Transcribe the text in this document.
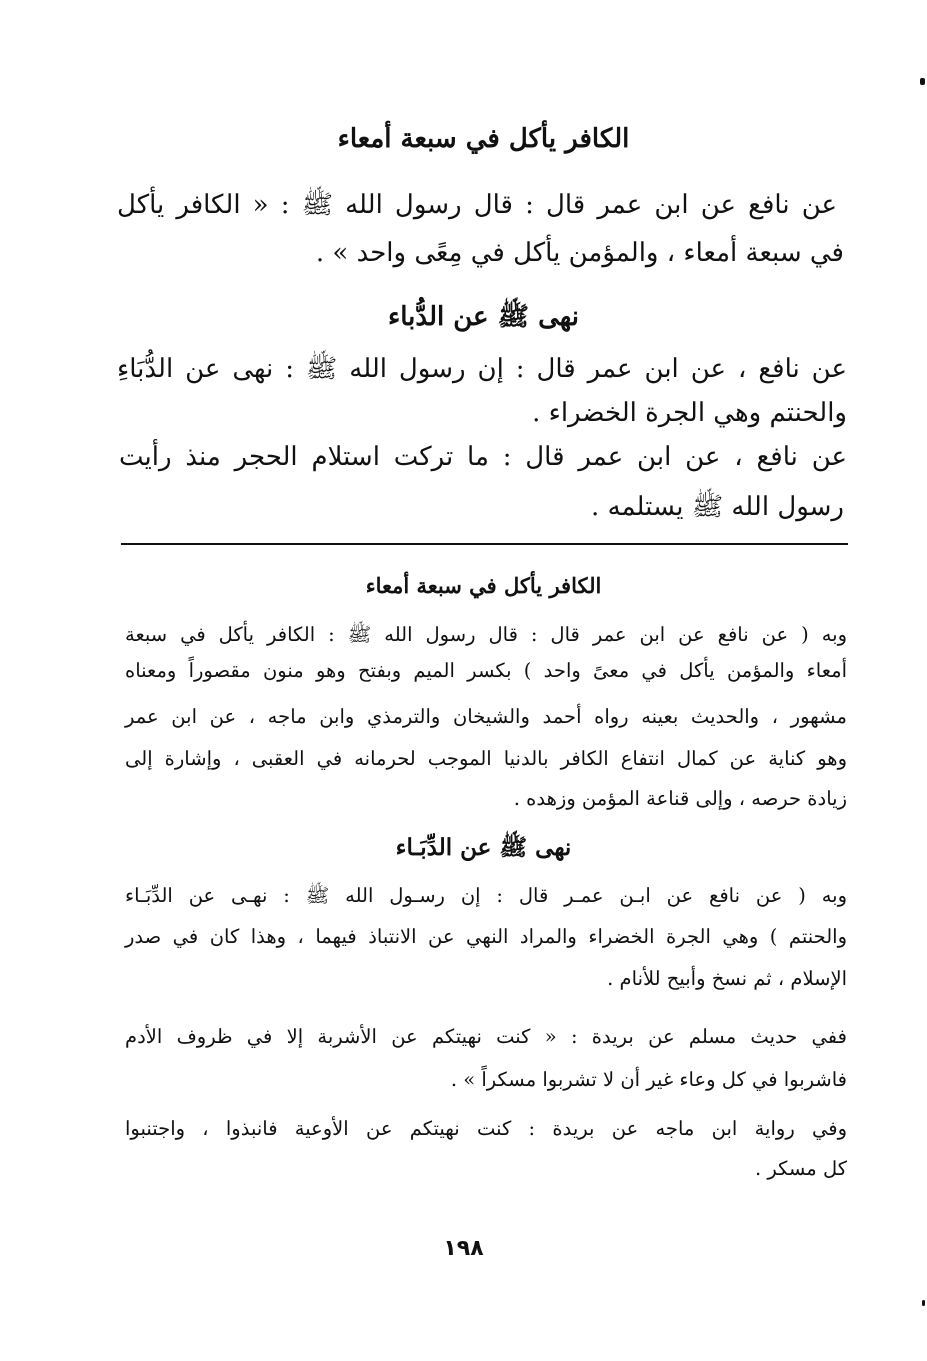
الكافر يأكل في سبعة أمعاء
عن نافع عن ابن عمر قال : قال رسول الله ﷺ : « الكافر يأكل
في سبعة أمعاء ، والمؤمن يأكل في مِعًى واحد » .
نهى ﷺ عن الدُّباء
عن نافع ، عن ابن عمر قال : إن رسول الله ﷺ : نهى عن الدُّبَاءِ
والحنتم وهي الجرة الخضراء .
عن نافع ، عن ابن عمر قال : ما تركت استلام الحجر منذ رأيت
رسول الله ﷺ يستلمه .
الكافر يأكل في سبعة أمعاء
وبه ( عن نافع عن ابن عمر قال : قال رسول الله ﷺ : الكافر يأكل في سبعة
أمعاء والمؤمن يأكل في معىً واحد ) بكسر الميم وبفتح وهو منون مقصوراً ومعناه
مشهور ، والحديث بعينه رواه أحمد والشيخان والترمذي وابن ماجه ، عن ابن عمر
وهو كناية عن كمال انتفاع الكافر بالدنيا الموجب لحرمانه في العقبى ، وإشارة إلى
زيادة حرصه ، وإلى قناعة المؤمن وزهده .
نهى ﷺ عن الدِّبَـاء
وبه ( عن نافع عن ابـن عمـر قال : إن رسـول الله ﷺ : نهـى عن الدِّبَـاء
والحنتم ) وهي الجرة الخضراء والمراد النهي عن الانتباذ فيهما ، وهذا كان في صدر
الإسلام ، ثم نسخ وأبيح للأنام .
ففي حديث مسلم عن بريدة : « كنت نهيتكم عن الأشربة إلا في ظروف الأدم
فاشربوا في كل وعاء غير أن لا تشربوا مسكراً » .
وفي رواية ابن ماجه عن بريدة : كنت نهيتكم عن الأوعية فانبذوا ، واجتنبوا
كل مسكر .
١٩٨
